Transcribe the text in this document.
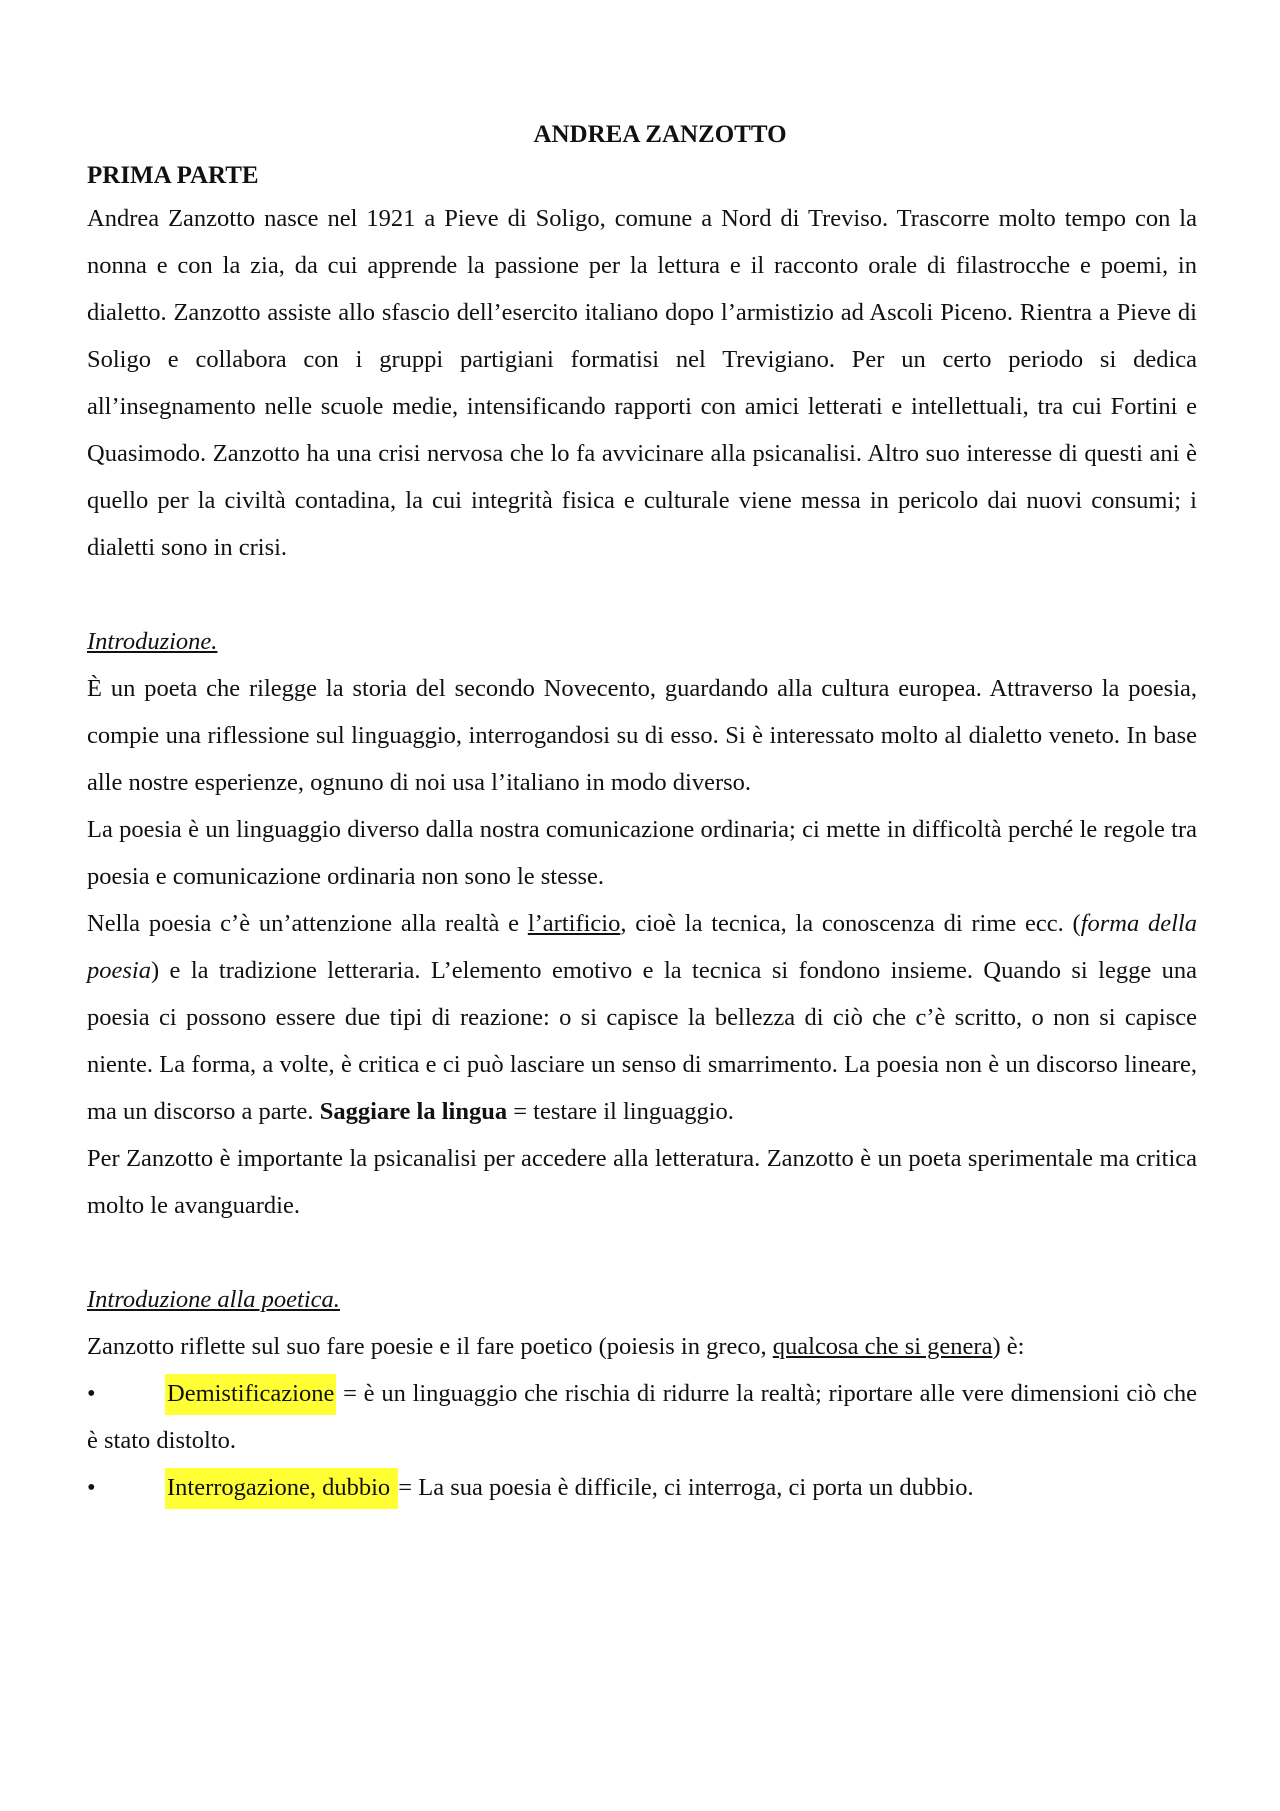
ANDREA ZANZOTTO
PRIMA PARTE

Andrea Zanzotto nasce nel 1921 a Pieve di Soligo, comune a Nord di Treviso. Trascorre molto tempo con la nonna e con la zia, da cui apprende la passione per la lettura e il racconto orale di filastrocche e poemi, in dialetto. Zanzotto assiste allo sfascio dell’esercito italiano dopo l’armistizio ad Ascoli Piceno. Rientra a Pieve di Soligo e collabora con i gruppi partigiani formatisi nel Trevigiano. Per un certo periodo si dedica all’insegnamento nelle scuole medie, intensificando rapporti con amici letterati e intellettuali, tra cui Fortini e Quasimodo. Zanzotto ha una crisi nervosa che lo fa avvicinare alla psicanalisi. Altro suo interesse di questi ani è quello per la civiltà contadina, la cui integrità fisica e culturale viene messa in pericolo dai nuovi consumi; i dialetti sono in crisi.

Introduzione.

È un poeta che rilegge la storia del secondo Novecento, guardando alla cultura europea. Attraverso la poesia, compie una riflessione sul linguaggio, interrogandosi su di esso. Si è interessato molto al dialetto veneto. In base alle nostre esperienze, ognuno di noi usa l’italiano in modo diverso.

La poesia è un linguaggio diverso dalla nostra comunicazione ordinaria; ci mette in difficoltà perché le regole tra poesia e comunicazione ordinaria non sono le stesse.

Nella poesia c’è un’attenzione alla realtà e l’artificio, cioè la tecnica, la conoscenza di rime ecc. (forma della poesia) e la tradizione letteraria. L’elemento emotivo e la tecnica si fondono insieme. Quando si legge una poesia ci possono essere due tipi di reazione: o si capisce la bellezza di ciò che c’è scritto, o non si capisce niente. La forma, a volte, è critica e ci può lasciare un senso di smarrimento. La poesia non è un discorso lineare, ma un discorso a parte. Saggiare la lingua = testare il linguaggio.

Per Zanzotto è importante la psicanalisi per accedere alla letteratura. Zanzotto è un poeta sperimentale ma critica molto le avanguardie.

Introduzione alla poetica.

Zanzotto riflette sul suo fare poesie e il fare poetico (poiesis in greco, qualcosa che si genera) è:

•	Demistificazione = è un linguaggio che rischia di ridurre la realtà; riportare alle vere dimensioni ciò che è stato distolto.

•	Interrogazione, dubbio = La sua poesia è difficile, ci interroga, ci porta un dubbio.
